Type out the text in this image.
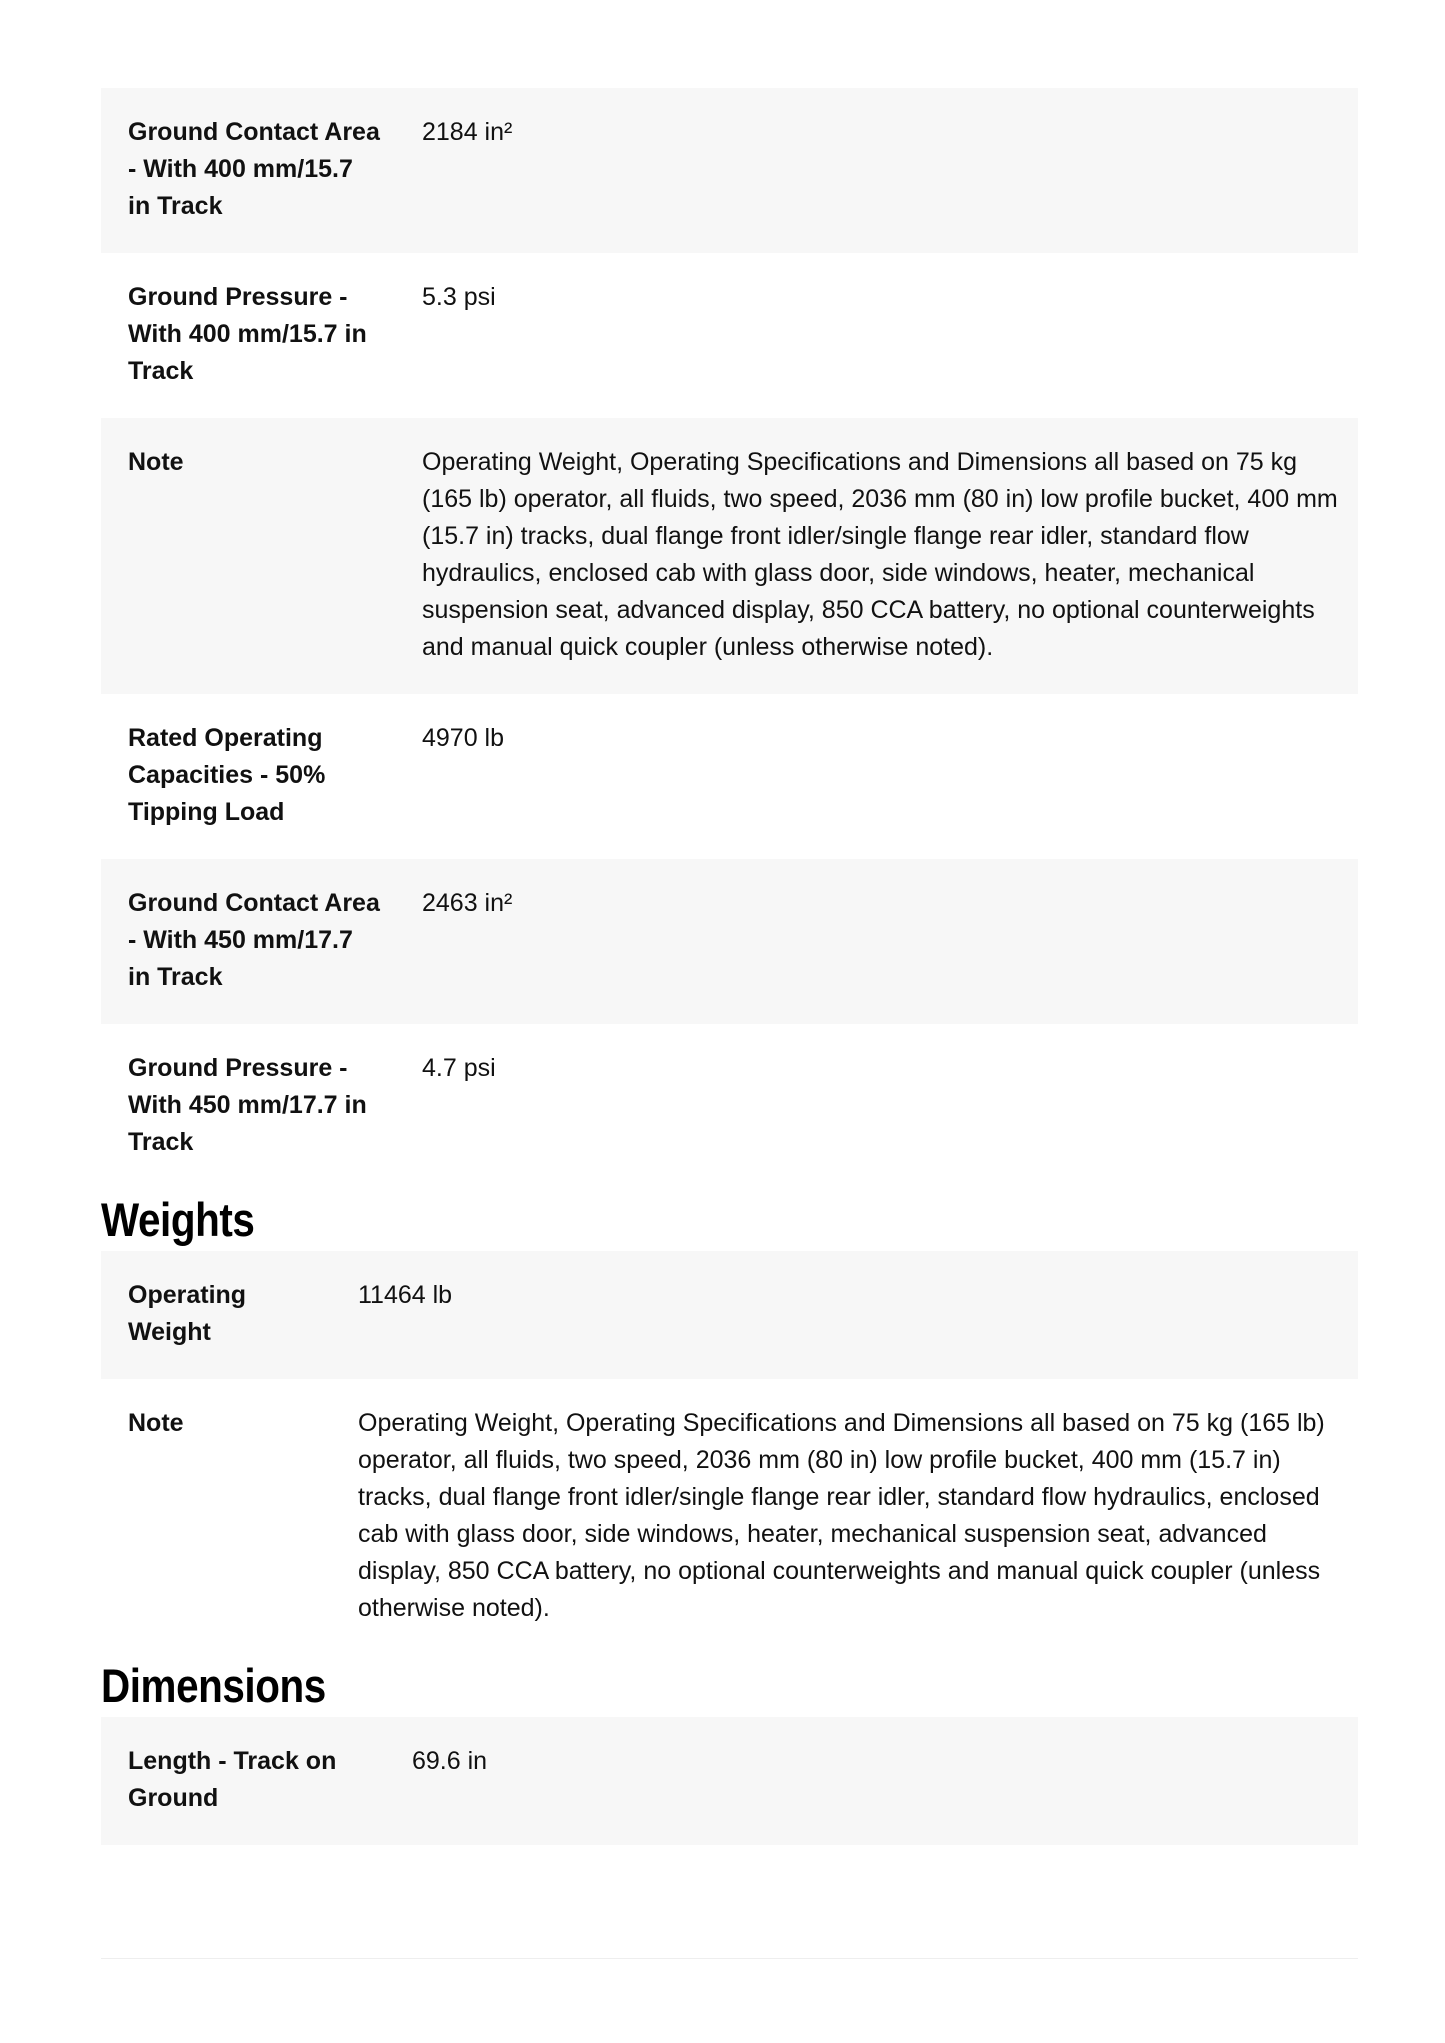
Ground Contact Area - With 400 mm/15.7 in Track	2184 in²
Ground Pressure - With 400 mm/15.7 in Track	5.3 psi
Note	Operating Weight, Operating Specifications and Dimensions all based on 75 kg (165 lb) operator, all fluids, two speed, 2036 mm (80 in) low profile bucket, 400 mm (15.7 in) tracks, dual flange front idler/single flange rear idler, standard flow hydraulics, enclosed cab with glass door, side windows, heater, mechanical suspension seat, advanced display, 850 CCA battery, no optional counterweights and manual quick coupler (unless otherwise noted).
Rated Operating Capacities - 50% Tipping Load	4970 lb
Ground Contact Area - With 450 mm/17.7 in Track	2463 in²
Ground Pressure - With 450 mm/17.7 in Track	4.7 psi
Weights
Operating Weight	11464 lb
Note	Operating Weight, Operating Specifications and Dimensions all based on 75 kg (165 lb) operator, all fluids, two speed, 2036 mm (80 in) low profile bucket, 400 mm (15.7 in) tracks, dual flange front idler/single flange rear idler, standard flow hydraulics, enclosed cab with glass door, side windows, heater, mechanical suspension seat, advanced display, 850 CCA battery, no optional counterweights and manual quick coupler (unless otherwise noted).
Dimensions
Length - Track on Ground	69.6 in
